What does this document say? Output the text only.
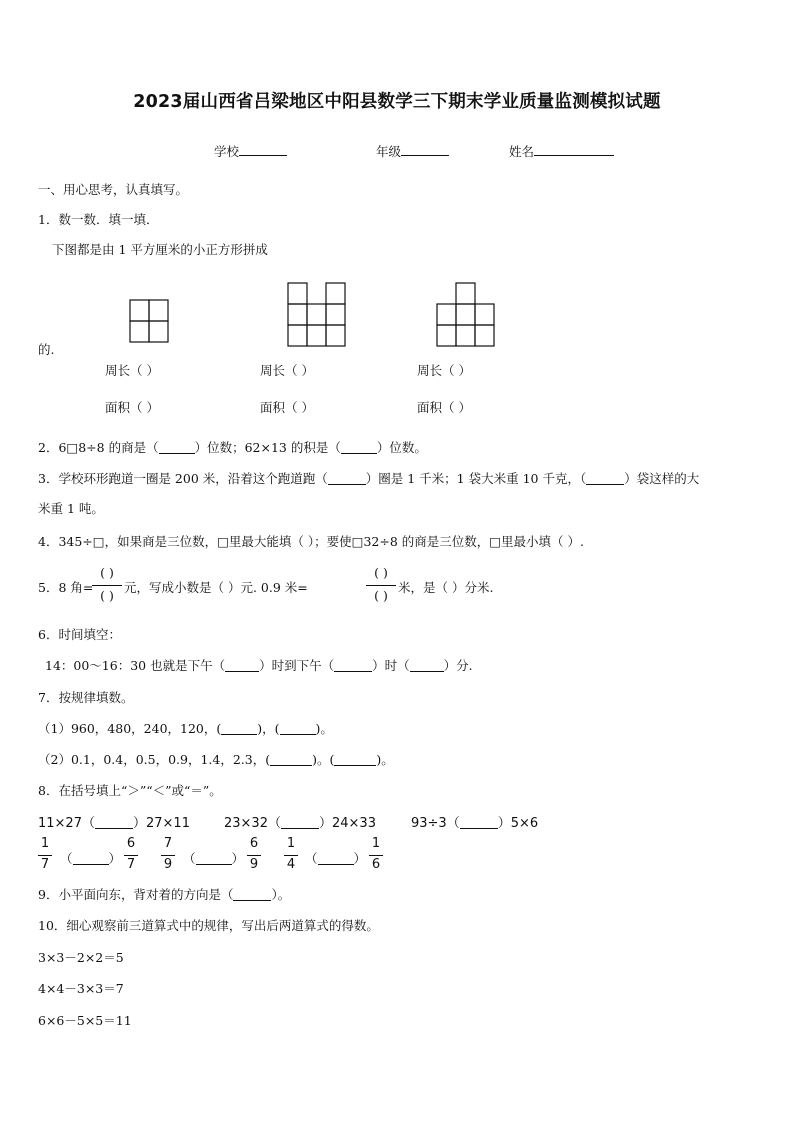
2023届山西省吕梁地区中阳县数学三下期末学业质量监测模拟试题
学校	年级	姓名
一、用心思考，认真填写。
1．数一数．填一填．
下图都是由 1 平方厘米的小正方形拼成
的.
周长（ ）	周长（ ）	周长（ ）
面积（ ）	面积（ ）	面积（ ）
2．6□8÷8 的商是（	）位数；62×13 的积是（	）位数。
3．学校环形跑道一圈是 200 米，沿着这个跑道跑（	）圈是 1 千米；1 袋大米重 10 千克，（	）袋这样的大
米重 1 吨。
4．345÷□，如果商是三位数，□里最大能填（ ）；要使□32÷8 的商是三位数，□里最小填（ ）.
5．8 角=
( )
( )
元，写成小数是（ ）元. 0.9 米=
( )
( )
米，是（ ）分米.
6．时间填空：
14：00～16：30 也就是下午（	）时到下午（	）时（	）分.
7．按规律填数。
（1）960，480，240，120，(	)，(	)。
（2）0.1，0.4，0.5，0.9，1.4，2.3，(	)。(	)。
8．在括号填上“＞”“＜”或“＝”。
11×27（	）27×11	23×32（	）24×33	93÷3（	）5×6
1
7 （	）
6
7
7
9 （	）
6
9
1
4 （	）
1
6
9．小平面向东，背对着的方向是（	）。
10．细心观察前三道算式中的规律，写出后两道算式的得数。
3×3－2×2＝5
4×4－3×3＝7
6×6－5×5＝11
